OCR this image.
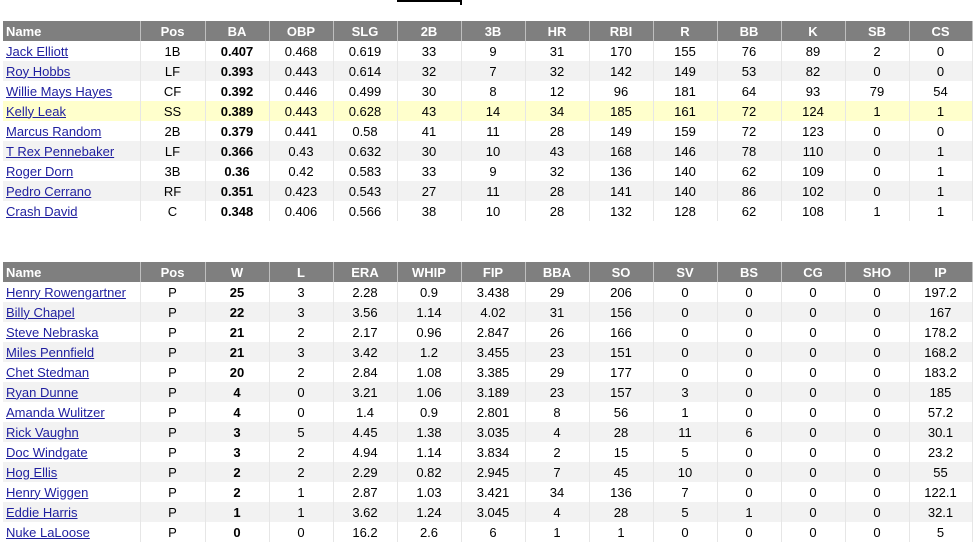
Name	Pos	BA	OBP	SLG	2B	3B	HR	RBI	R	BB	K	SB	CS
Jack Elliott	1B	0.407	0.468	0.619	33	9	31	170	155	76	89	2	0
Roy Hobbs	LF	0.393	0.443	0.614	32	7	32	142	149	53	82	0	0
Willie Mays Hayes	CF	0.392	0.446	0.499	30	8	12	96	181	64	93	79	54
Kelly Leak	SS	0.389	0.443	0.628	43	14	34	185	161	72	124	1	1
Marcus Random	2B	0.379	0.441	0.58	41	11	28	149	159	72	123	0	0
T Rex Pennebaker	LF	0.366	0.43	0.632	30	10	43	168	146	78	110	0	1
Roger Dorn	3B	0.36	0.42	0.583	33	9	32	136	140	62	109	0	1
Pedro Cerrano	RF	0.351	0.423	0.543	27	11	28	141	140	86	102	0	1
Crash David	C	0.348	0.406	0.566	38	10	28	132	128	62	108	1	1
Name	Pos	W	L	ERA	WHIP	FIP	BBA	SO	SV	BS	CG	SHO	IP
Henry Rowengartner	P	25	3	2.28	0.9	3.438	29	206	0	0	0	0	197.2
Billy Chapel	P	22	3	3.56	1.14	4.02	31	156	0	0	0	0	167
Steve Nebraska	P	21	2	2.17	0.96	2.847	26	166	0	0	0	0	178.2
Miles Pennfield	P	21	3	3.42	1.2	3.455	23	151	0	0	0	0	168.2
Chet Stedman	P	20	2	2.84	1.08	3.385	29	177	0	0	0	0	183.2
Ryan Dunne	P	4	0	3.21	1.06	3.189	23	157	3	0	0	0	185
Amanda Wulitzer	P	4	0	1.4	0.9	2.801	8	56	1	0	0	0	57.2
Rick Vaughn	P	3	5	4.45	1.38	3.035	4	28	11	6	0	0	30.1
Doc Windgate	P	3	2	4.94	1.14	3.834	2	15	5	0	0	0	23.2
Hog Ellis	P	2	2	2.29	0.82	2.945	7	45	10	0	0	0	55
Henry Wiggen	P	2	1	2.87	1.03	3.421	34	136	7	0	0	0	122.1
Eddie Harris	P	1	1	3.62	1.24	3.045	4	28	5	1	0	0	32.1
Nuke LaLoose	P	0	0	16.2	2.6	6	1	1	0	0	0	0	5
